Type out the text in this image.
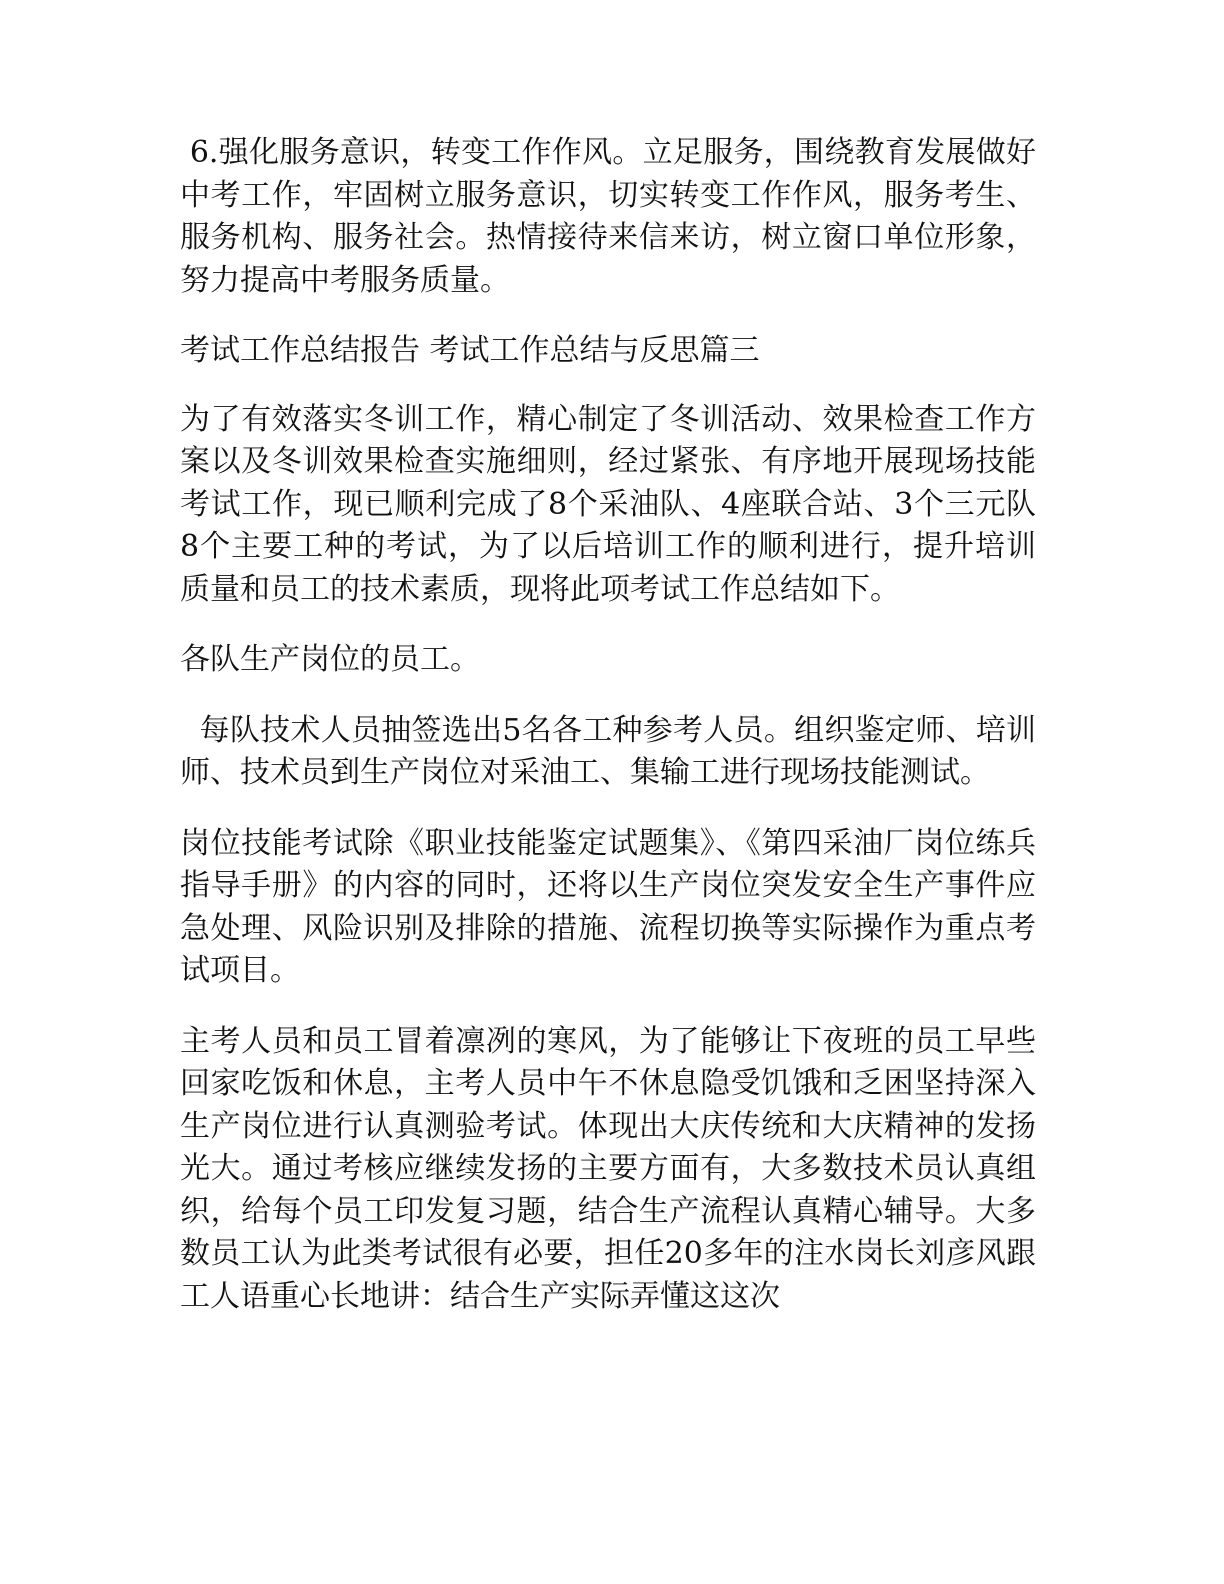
6.强化服务意识，转变工作作风。立足服务，围绕教育发展做好中考工作，牢固树立服务意识，切实转变工作作风，服务考生、服务机构、服务社会。热情接待来信来访，树立窗口单位形象，努力提高中考服务质量。

考试工作总结报告 考试工作总结与反思篇三

为了有效落实冬训工作，精心制定了冬训活动、效果检查工作方案以及冬训效果检查实施细则，经过紧张、有序地开展现场技能考试工作，现已顺利完成了8个采油队、4座联合站、3个三元队8个主要工种的考试，为了以后培训工作的顺利进行，提升培训质量和员工的技术素质，现将此项考试工作总结如下。

各队生产岗位的员工。

每队技术人员抽签选出5名各工种参考人员。组织鉴定师、培训师、技术员到生产岗位对采油工、集输工进行现场技能测试。

岗位技能考试除《职业技能鉴定试题集》、《第四采油厂岗位练兵指导手册》的内容的同时，还将以生产岗位突发安全生产事件应急处理、风险识别及排除的措施、流程切换等实际操作为重点考试项目。

主考人员和员工冒着凛冽的寒风，为了能够让下夜班的员工早些回家吃饭和休息，主考人员中午不休息隐受饥饿和乏困坚持深入生产岗位进行认真测验考试。体现出大庆传统和大庆精神的发扬光大。通过考核应继续发扬的主要方面有，大多数技术员认真组织，给每个员工印发复习题，结合生产流程认真精心辅导。大多数员工认为此类考试很有必要，担任20多年的注水岗长刘彦风跟工人语重心长地讲：结合生产实际弄懂这这次
